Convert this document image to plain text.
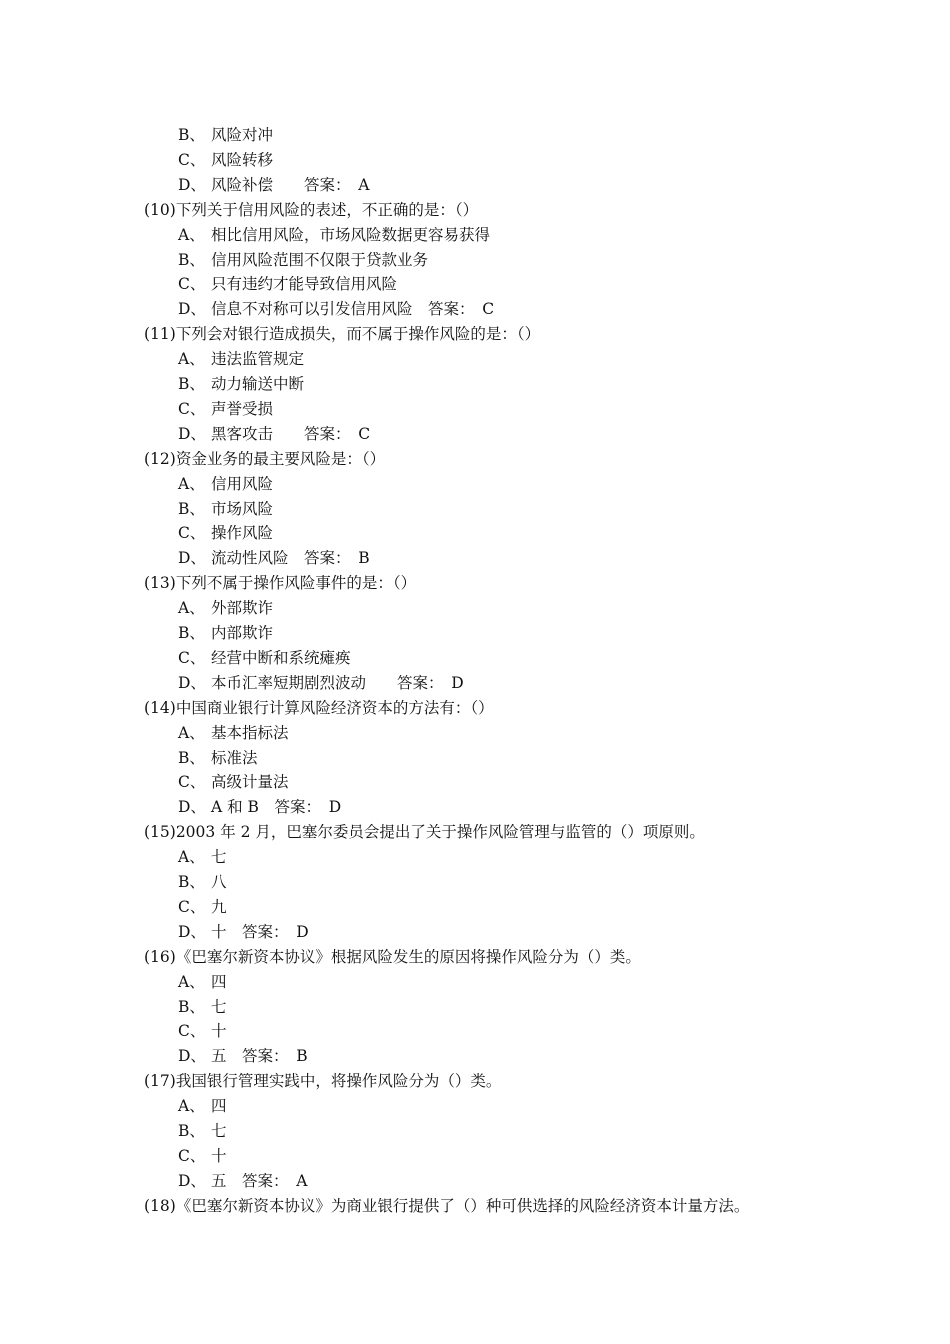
B、 风险对冲
C、 风险转移
D、 风险补偿　　答案：　A
(10)下列关于信用风险的表述，不正确的是：（）
A、 相比信用风险，市场风险数据更容易获得
B、 信用风险范围不仅限于贷款业务
C、 只有违约才能导致信用风险
D、 信息不对称可以引发信用风险　答案：　C
(11)下列会对银行造成损失，而不属于操作风险的是：（）
A、 违法监管规定
B、 动力输送中断
C、 声誉受损
D、 黑客攻击　　答案：　C
(12)资金业务的最主要风险是：（）
A、 信用风险
B、 市场风险
C、 操作风险
D、 流动性风险　答案：　B
(13)下列不属于操作风险事件的是：（）
A、 外部欺诈
B、 内部欺诈
C、 经营中断和系统瘫痪
D、 本币汇率短期剧烈波动　　答案：　D
(14)中国商业银行计算风险经济资本的方法有：（）
A、 基本指标法
B、 标准法
C、 高级计量法
D、 A 和 B　答案：　D
(15)2003 年 2 月，巴塞尔委员会提出了关于操作风险管理与监管的（）项原则。
A、 七
B、 八
C、 九
D、 十　答案：　D
(16)《巴塞尔新资本协议》根据风险发生的原因将操作风险分为（）类。
A、 四
B、 七
C、 十
D、 五　答案：　B
(17)我国银行管理实践中，将操作风险分为（）类。
A、 四
B、 七
C、 十
D、 五　答案：　A
(18)《巴塞尔新资本协议》为商业银行提供了（）种可供选择的风险经济资本计量方法。
